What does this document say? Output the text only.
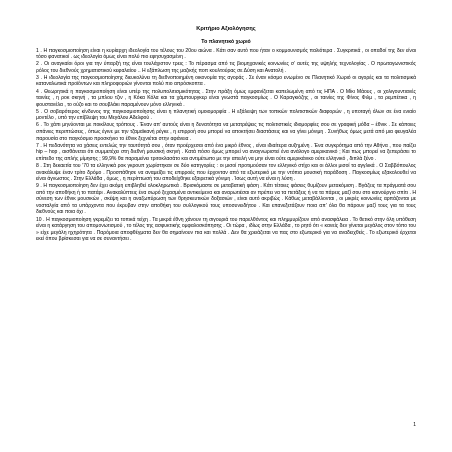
Κριτήριο Αξιολόγησης
Το πλανητικό χωριό

1 . Η παγκοσμιοποίηση είναι η κυρίαρχη ιδεολογία του τέλους του 20ου αιώνα . Κάτι σαν αυτό που ήταν ο κομμουνισμός παλιότερα . Συγκριτικά , οι οπαδοί της δεν είναι τόσο φανατικοί . ως ιδεολογία όμως είναι πολύ πιο εφησυχασμένη .

2 . Οι αναγκαίοι όροι για την ύπαρξή της είναι τουλάχιστον τρεις : Το πέρασμα από τις βιομηχανικές κοινωνίες σ’ αυτές της υψηλής τεχνολογίας . Ο πρωταγωνιστικός ρόλος του διεθνούς χρηματιστικού κεφαλαίου .. Η εξάπλωση της μαζικής ποπ κουλτούρας σε Δύση και Ανατολή .

3 . Η ιδεολογία της παγκοσμιοποίησης διευκολύνει τη διεθνοποιημένη οικονομία της αγοράς . Σε έναν κόσμο ενωμένο σε Πλανητικό Χωριό οι αγορές και τα πολιτισμικά καταναλωτικά προϊόντων και πληροφοριών γίνονται πολύ πιο απρόσκοπτα .

4 . Θεωρητικά η παγκοσμιοποίηση είναι υπέρ της πολυπολιτισμικότητας . Στην πράξη όμως εμφανίζεται καπελωμένη από τις ΗΠΑ . Ο Μίκι Μάους , οι χολιγουντιανές ταινίες , η ροκ σκηνή , τα μπλου τζιν , η Κόκα Κόλα και τα χάμπουργκερ είναι γνωστά παγκοσμίως . Ο Καραγκιόζης , οι ταινίες της Φίνος Φιλμ , τα ρεμπέτικα , η φουστανέλα , το ούζο και το σουβλάκι παραμένουν μόνο ελληνικά .

5 . Ο σοβαρότερος κίνδυνος της παγκοσμιοποίησης είναι η πλανητική ομοιομορφία . Η εξάλειψη των τοπικών πολιτιστικών διαφορών , η υποταγή όλων σε ένα ενιαίο μοντέλο , υπό την επίβλεψη του Μεγάλου Αδελφού .

6 . Το χάπι μηνύονται με ποικίλους τρόπους . Έναν απ’ αυτούς είναι η δυνατότητα να μετατρέψεις τις πολιτιστικές ιδιομορφίες σου σε γραφική μόδα – έθνικ . Σε κάποιες σπάνιες περιπτώσεις , όπως έγινε με την τζαμαϊκανή ρέγκε , η επιρροή σου μπορεί να αποκτήσει διαστάσεις και να γίνει μόνιμη . Συνήθως όμως μετά από μια φευγαλέα παρουσία στο παγκόσμιο προσκήνιο το έθνικ ξεχνιέται στην αφάνεια .

7 . Η πεδανότητα να χάσεις εντελώς την ταυτότητά σου , όταν προέρχεσαι από ένα μικρό έθνος , είναι ιδιαίτερα αυξημένη . Ένα συγκρότημα από την Αθήνα , που παίζει hip – hop , αισθάνεται ότι συμμετέχει στη διεθνή μουσική σκηνή . Κατά πόσο όμως μπορεί να αναγνωριστεί ένα ανάλογο αμερικανικό ; Και πως μπορεί να ξεπεράσει το επίπεδο της απλής μίμησης ; 99,9% θα παραμείνει τριτοκλασάτο και αντιμέτωπο με την απειλή να μην είναι ούτε αμερικάνικο ούτε ελληνικό , διπλά ξένο .

8 . Στη δεκαετία του ’70 τα ελληνικά ροκ γκρουπ χωρίστηκαν σε δύο κατηγορίες : οι μισοί προτιμούσαν τον ελληνικό στίχο και οι άλλοι μισοί τα αγγλικά . Ο Σαββόπουλος ανακάλυψε έναν τρίτο δρόμο . Προσπάθησε να αναμείξει τις επιρροές που έρχονταν από τα εξωτερικό με την ντόπια μουσική παράδοση . Παγκοσμίως εξακολουθεί να είναι άγνωστος . Στην Ελλάδα , όμως , η περίπτωσή του αποδείχθηκε εξαιρετικά γόνιμη . Ίσως αυτή να είναι η λύση .

9 . Η παγκοσμιοποίηση δεν έχει ακόμη επιβληθεί ολοκληρωτικά . Βρισκόμαστε σε μεταβατική φάση . Κάτι τέτοιες φάσεις θυμίζουν μετακόμιση . Βγάζεις τα πράγματά σου από την αποθήκη ή το πατάρι . Ανακαλύπτεις ένα σωρό ξεχασμένα αντικείμενα και αναρωτιέσαι αν πρέπει να τα πετάξεις ή να τα πάρεις μαζί σου στο καινούργιο σπίτι . Η σύνεση των έθνικ μουσικών , σκέψη και η αναζωπύρωση των θρησκευτικών δοξασιών , είναι αυτό ακριβώς . Κάθως μεταβάλλονται , οι μικρές κοινωνίες αρπάζονται με νοσταλγία από τα υπάρχοντα που έκρυβαν στην αποθήκη του συλλογικού τους υποσυνειδήτου . Και επανεξετάζουν ποια απ’ όλα θα πάρουν μαζί τους για τα τους διεθνούς και ποια όχι .

10 . Η παγκοσμιοποίηση γκρεμίζει τα τοπικά τείχη . Τα μικρά έθνη χάνουν τη σιγουριά του παρελθόντος και πλημμυρίζουν από ανασφάλεια . Το θετικό στην όλη υπόθεση είναι η κατάργηση του απομονωτισμού , το τέλος της ασφυκτικής ομφαλοσκόπησης . Οι τώρα , ιδίως στην Ελλάδα , το ρητό ότι « κανείς δεν γίνεται μεγάλος στον τόπο του » είχε μεγάλη ηχηρότητα . Παρόμοια αποφθέγματα δεν θα σημαίνουν πια και πολλά . Δεν θα χρειάζεται να πας στο εξωτερικό για να αναδειχθείς . Το εξωτερικό έρχεται εκεί όπου βρίσκεσαι για να σε συναντήσει .

1
